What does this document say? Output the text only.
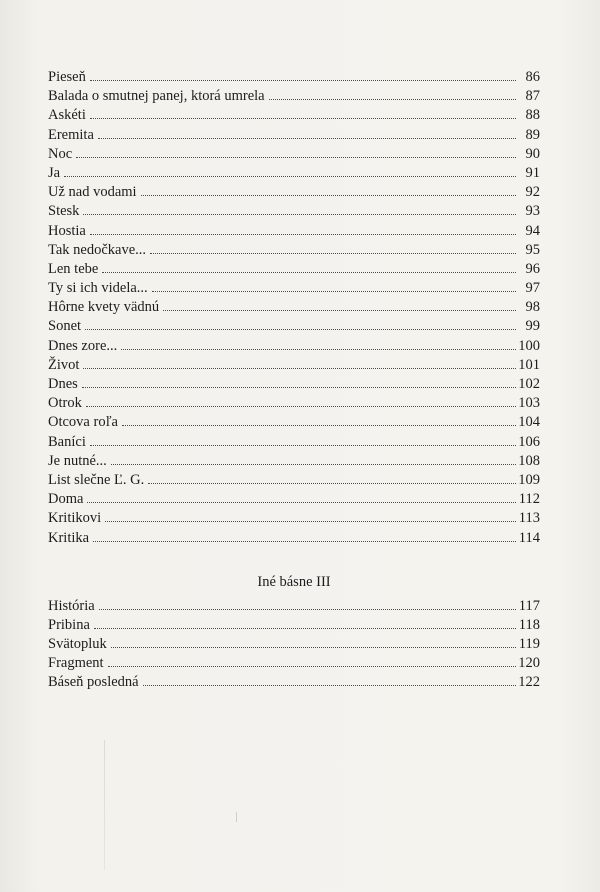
Pieseň	86
Balada o smutnej panej, ktorá umrela	87
Askéti	88
Eremita	89
Noc	90
Ja	91
Už nad vodami	92
Stesk	93
Hostia	94
Tak nedočkave...	95
Len tebe	96
Ty si ich videla...	97
Hôrne kvety vädnú	98
Sonet	99
Dnes zore...	100
Život	101
Dnes	102
Otrok	103
Otcova roľa	104
Baníci	106
Je nutné...	108
List slečne Ľ. G.	109
Doma	112
Kritikovi	113
Kritika	114
Iné básne III
História	117
Pribina	118
Svätopluk	119
Fragment	120
Báseň posledná	122
